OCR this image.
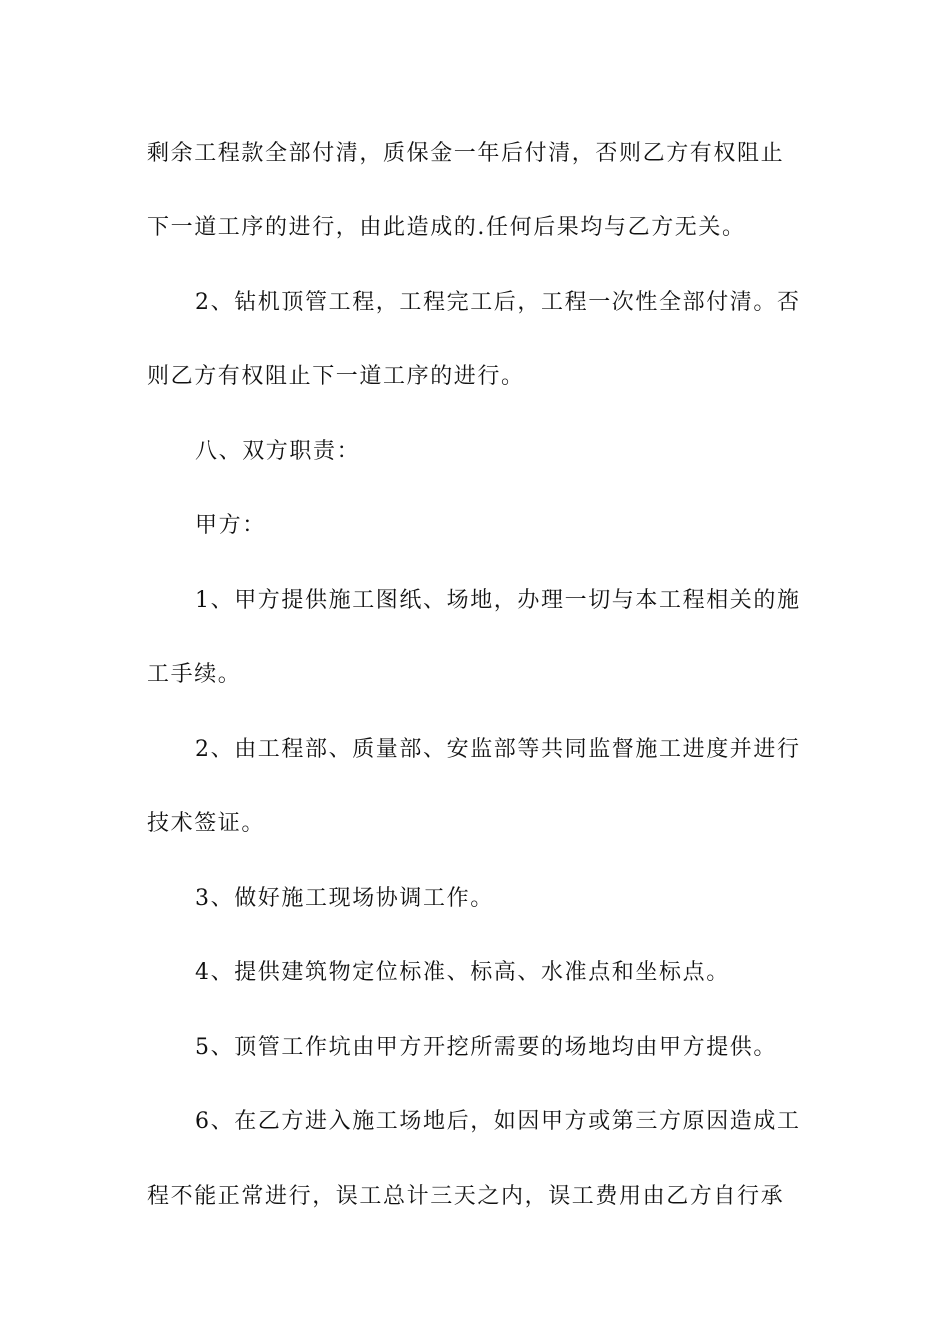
剩余工程款全部付清，质保金一年后付清，否则乙方有权阻止
下一道工序的进行，由此造成的.任何后果均与乙方无关。
2、钻机顶管工程，工程完工后，工程一次性全部付清。否
则乙方有权阻止下一道工序的进行。
八、双方职责：
甲方：
1、甲方提供施工图纸、场地，办理一切与本工程相关的施
工手续。
2、由工程部、质量部、安监部等共同监督施工进度并进行
技术签证。
3、做好施工现场协调工作。
4、提供建筑物定位标准、标高、水准点和坐标点。
5、顶管工作坑由甲方开挖所需要的场地均由甲方提供。
6、在乙方进入施工场地后，如因甲方或第三方原因造成工
程不能正常进行，误工总计三天之内，误工费用由乙方自行承
